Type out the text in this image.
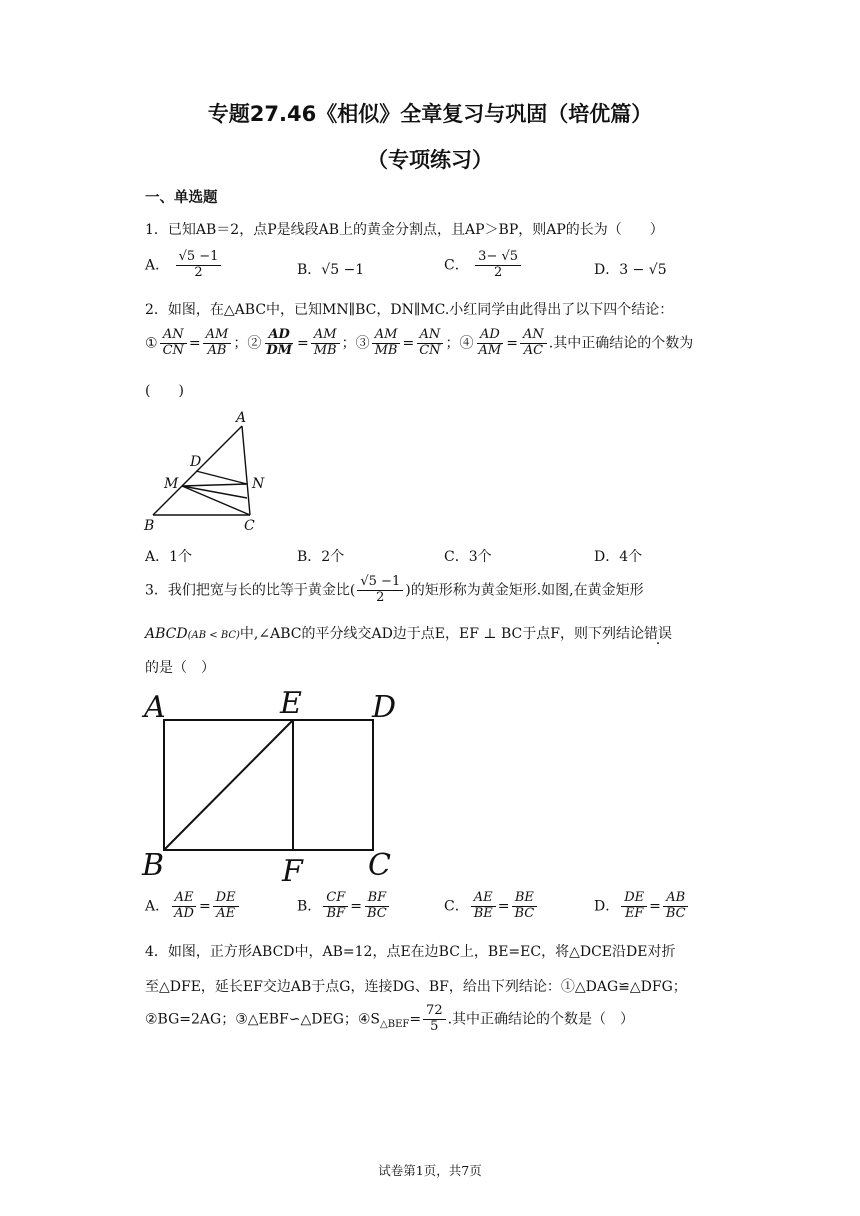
专题27.46《相似》全章复习与巩固（培优篇）
（专项练习）
一、单选题
1．已知AB＝2，点P是线段AB上的黄金分割点，且AP＞BP，则AP的长为（　　）
A． $\frac{√5 -1}{2}$	B．√5 −1	C． $\frac{3- √5}{2}$	D．3 − √5
2．如图，在△ABC中，已知MN∥BC，DN∥MC.小红同学由此得出了以下四个结论：
① $\frac{AN}{CN} = \frac{AM}{AB}$ ；② $\frac{AD}{DM} = \frac{AM}{MB}$ ；③ $\frac{AM}{MB} = \frac{AN}{CN}$ ；④ $\frac{AD}{AM} = \frac{AN}{AC}$ .其中正确结论的个数为
(　　)
A
D
M	N
B	C
A．1个	B．2个	C．3个	D．4个
3．我们把宽与长的比等于黄金比( $\frac{√5 -1}{2}$ )的矩形称为黄金矩形.如图,在黄金矩形
ABCD(AB < BC)中,∠ABC的平分线交AD边于点E，EF ⊥ BC于点F，则下列结论错误
的是（　）
A	E D
B	F C
A． $\frac{AE}{AD} = \frac{DE}{AE}$	B． $\frac{CF}{BF} = \frac{BF}{BC}$	C． $\frac{AE}{BE} = \frac{BE}{BC}$	D． $\frac{DE}{EF} = \frac{AB}{BC}$
4．如图，正方形ABCD中，AB=12，点E在边BC上，BE=EC，将△DCE沿DE对折
至△DFE，延长EF交边AB于点G，连接DG、BF，给出下列结论：①△DAG≌△DFG；
②BG=2AG；③△EBF∽△DEG；$④S_{\triangle BEF}= \frac{72}{5}$ .其中正确结论的个数是（　）
试卷第1页，共7页
